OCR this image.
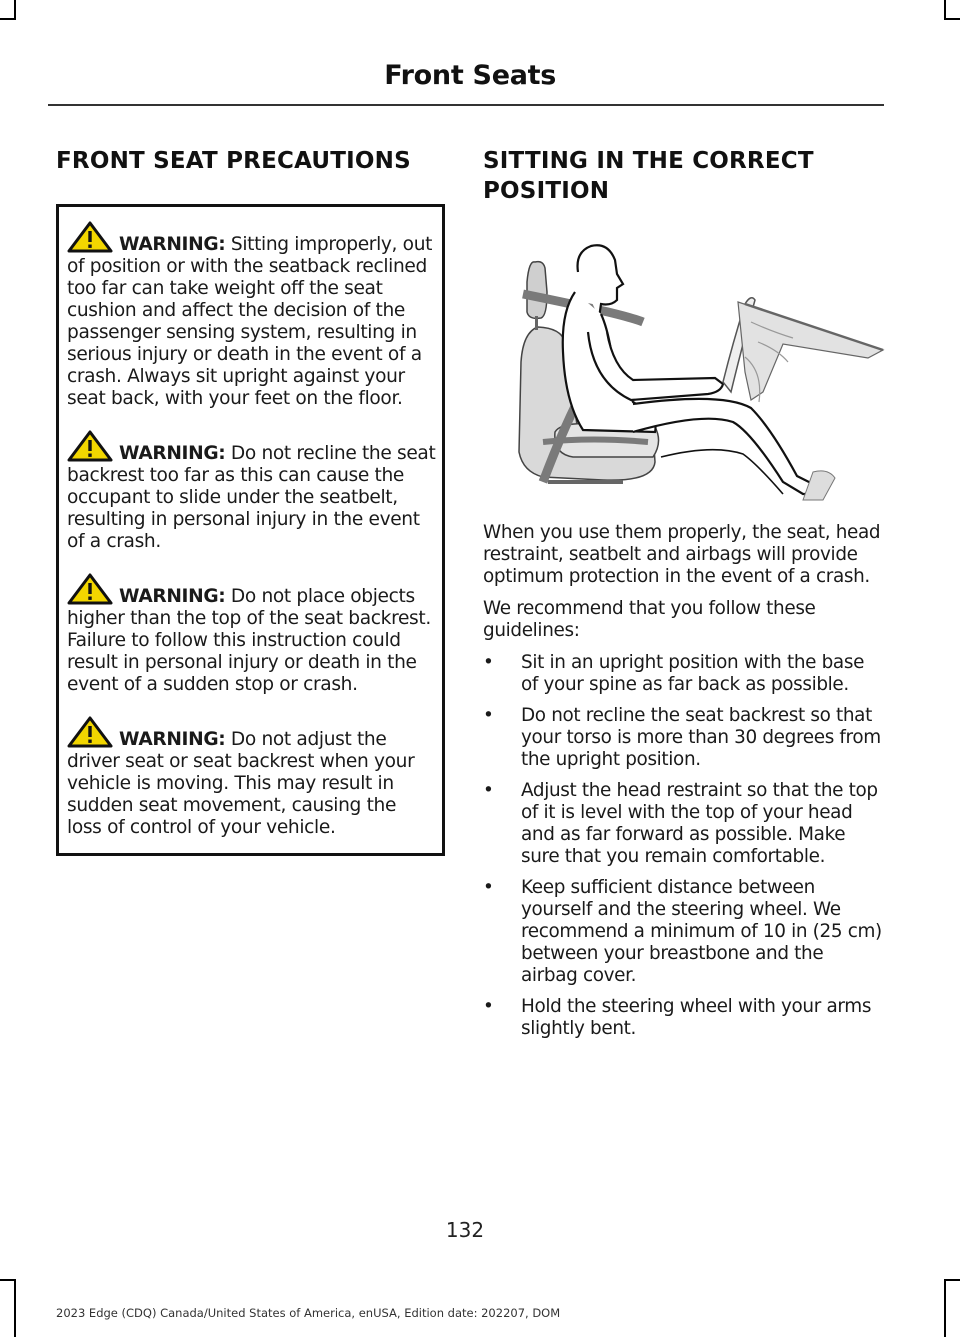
Front Seats
FRONT SEAT PRECAUTIONS

WARNING: Sitting improperly, out of position or with the seatback reclined too far can take weight off the seat cushion and affect the decision of the passenger sensing system, resulting in serious injury or death in the event of a crash. Always sit upright against your seat back, with your feet on the floor.

WARNING: Do not recline the seat backrest too far as this can cause the occupant to slide under the seatbelt, resulting in personal injury in the event of a crash.

WARNING: Do not place objects higher than the top of the seat backrest. Failure to follow this instruction could result in personal injury or death in the event of a sudden stop or crash.

WARNING: Do not adjust the driver seat or seat backrest when your vehicle is moving. This may result in sudden seat movement, causing the loss of control of your vehicle.

SITTING IN THE CORRECT
POSITION

When you use them properly, the seat, head restraint, seatbelt and airbags will provide optimum protection in the event of a crash.

We recommend that you follow these guidelines:

• Sit in an upright position with the base of your spine as far back as possible.
• Do not recline the seat backrest so that your torso is more than 30 degrees from the upright position.
• Adjust the head restraint so that the top of it is level with the top of your head and as far forward as possible. Make sure that you remain comfortable.
• Keep sufficient distance between yourself and the steering wheel. We recommend a minimum of 10 in (25 cm) between your breastbone and the airbag cover.
• Hold the steering wheel with your arms slightly bent.
132
2023 Edge (CDQ) Canada/United States of America, enUSA, Edition date: 202207, DOM
